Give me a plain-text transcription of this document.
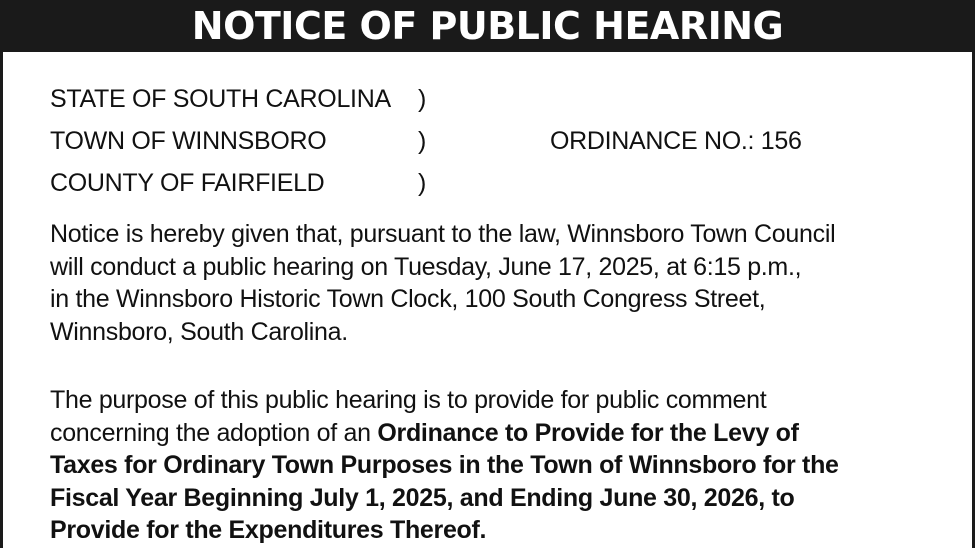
NOTICE OF PUBLIC HEARING
STATE OF SOUTH CAROLINA )
TOWN OF WINNSBORO	)	ORDINANCE NO.: 156
COUNTY OF FAIRFIELD	)
Notice is hereby given that, pursuant to the law, Winnsboro Town Council
will conduct a public hearing on Tuesday, June 17, 2025, at 6:15 p.m.,
in the Winnsboro Historic Town Clock, 100 South Congress Street,
Winnsboro, South Carolina.
The purpose of this public hearing is to provide for public comment
concerning the adoption of an Ordinance to Provide for the Levy of
Taxes for Ordinary Town Purposes in the Town of Winnsboro for the
Fiscal Year Beginning July 1, 2025, and Ending June 30, 2026, to
Provide for the Expenditures Thereof.
